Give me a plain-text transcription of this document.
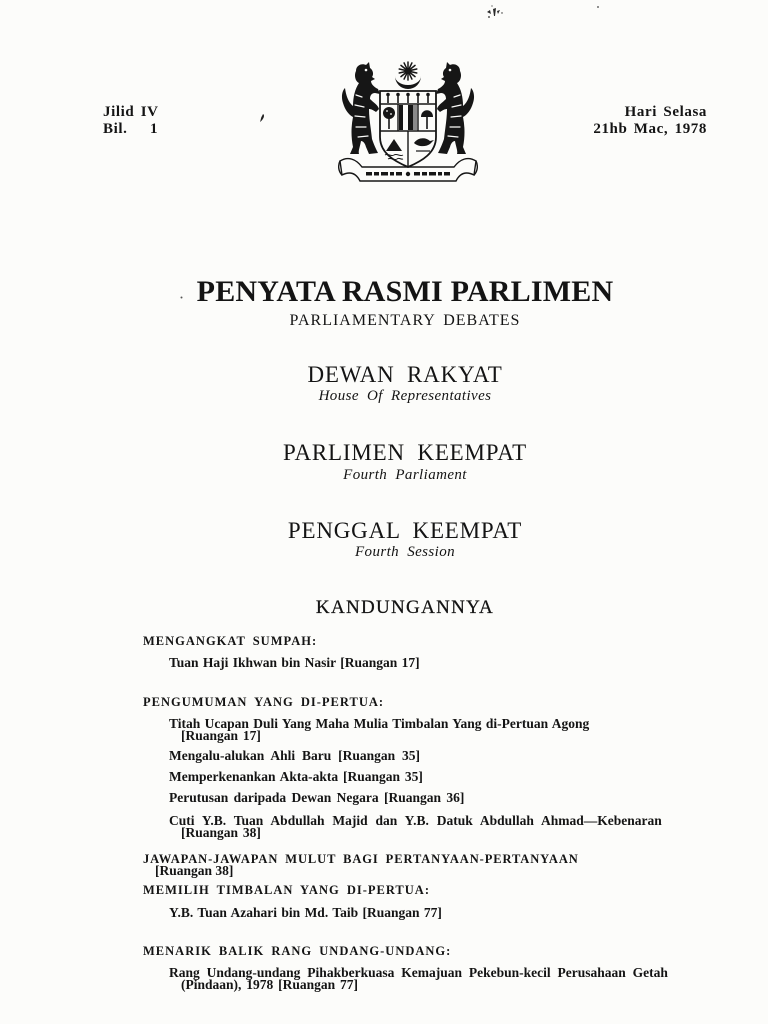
Jilid IV
Bil. 1
Hari Selasa
21hb Mac, 1978
PENYATA RASMI PARLIMEN
PARLIAMENTARY DEBATES
DEWAN RAKYAT
House Of Representatives
PARLIMEN KEEMPAT
Fourth Parliament
PENGGAL KEEMPAT
Fourth Session
KANDUNGANNYA
MENGANGKAT SUMPAH:
Tuan Haji Ikhwan bin Nasir [Ruangan 17]
PENGUMUMAN YANG DI-PERTUA:
Titah Ucapan Duli Yang Maha Mulia Timbalan Yang di-Pertuan Agong
[Ruangan 17]
Mengalu-alukan Ahli Baru [Ruangan 35]
Memperkenankan Akta-akta [Ruangan 35]
Perutusan daripada Dewan Negara [Ruangan 36]
Cuti Y.B. Tuan Abdullah Majid dan Y.B. Datuk Abdullah Ahmad—Kebenaran
[Ruangan 38]
JAWAPAN-JAWAPAN MULUT BAGI PERTANYAAN-PERTANYAAN
[Ruangan 38]
MEMILIH TIMBALAN YANG DI-PERTUA:
Y.B. Tuan Azahari bin Md. Taib [Ruangan 77]
MENARIK BALIK RANG UNDANG-UNDANG:
Rang Undang-undang Pihakberkuasa Kemajuan Pekebun-kecil Perusahaan Getah
(Pindaan), 1978 [Ruangan 77]
